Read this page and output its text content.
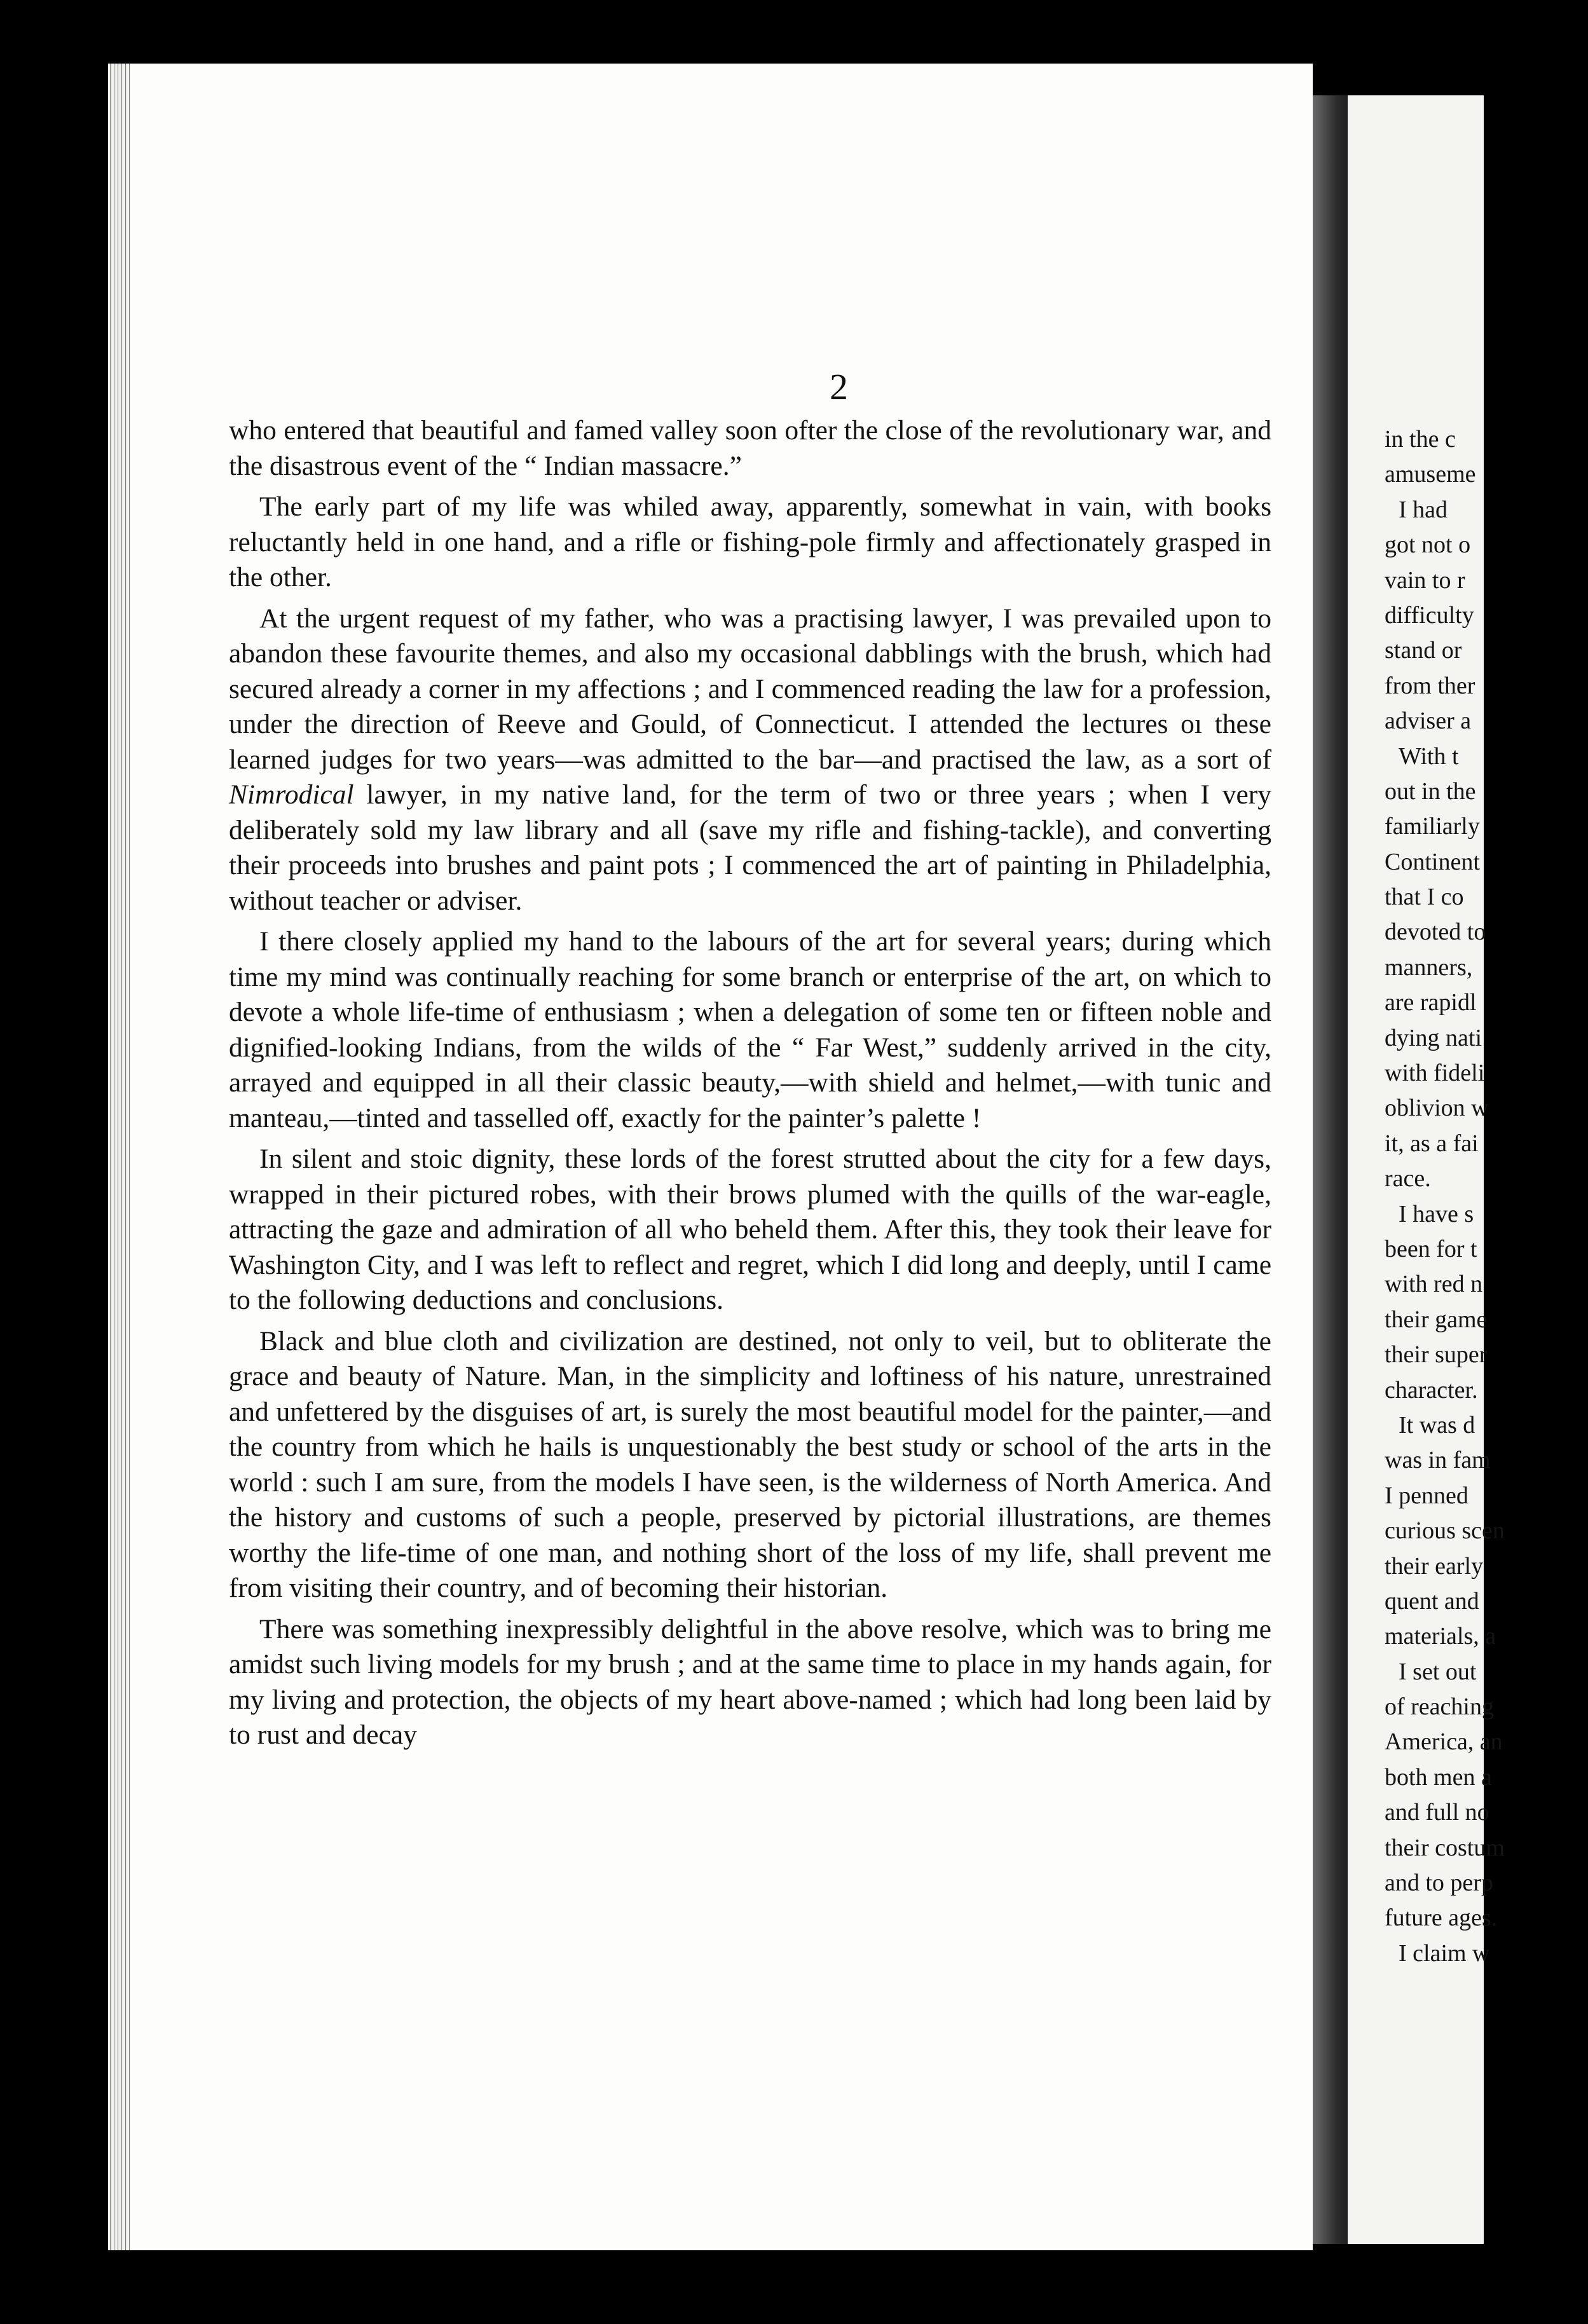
2

who entered that beautiful and famed valley soon ofter the close of the revolutionary war, and the disastrous event of the “ Indian massacre.”

The early part of my life was whiled away, apparently, somewhat in vain, with books reluctantly held in one hand, and a rifle or fishing-pole firmly and affectionately grasped in the other.

At the urgent request of my father, who was a practising lawyer, I was prevailed upon to abandon these favourite themes, and also my occasional dabblings with the brush, which had secured already a corner in my affections ; and I commenced reading the law for a profession, under the direction of Reeve and Gould, of Connecticut. I attended the lectures oı these learned judges for two years—was admitted to the bar—and practised the law, as a sort of Nimrodical lawyer, in my native land, for the term of two or three years ; when I very deliberately sold my law library and all (save my rifle and fishing-tackle), and converting their proceeds into brushes and paint pots ; I commenced the art of painting in Philadelphia, without teacher or adviser.

I there closely applied my hand to the labours of the art for several years; during which time my mind was continually reaching for some branch or enterprise of the art, on which to devote a whole life-time of enthusiasm ; when a delegation of some ten or fifteen noble and dignified-looking Indians, from the wilds of the “ Far West,” suddenly arrived in the city, arrayed and equipped in all their classic beauty,—with shield and helmet,—with tunic and manteau,—tinted and tasselled off, exactly for the painter’s palette !

In silent and stoic dignity, these lords of the forest strutted about the city for a few days, wrapped in their pictured robes, with their brows plumed with the quills of the war-eagle, attracting the gaze and admiration of all who beheld them. After this, they took their leave for Washington City, and I was left to reflect and regret, which I did long and deeply, until I came to the following deductions and conclusions.

Black and blue cloth and civilization are destined, not only to veil, but to obliterate the grace and beauty of Nature. Man, in the simplicity and loftiness of his nature, unrestrained and unfettered by the disguises of art, is surely the most beautiful model for the painter,—and the country from which he hails is unquestionably the best study or school of the arts in the world : such I am sure, from the models I have seen, is the wilderness of North America. And the history and customs of such a people, preserved by pictorial illustrations, are themes worthy the life-time of one man, and nothing short of the loss of my life, shall prevent me from visiting their country, and of becoming their historian.

There was something inexpressibly delightful in the above resolve, which was to bring me amidst such living models for my brush ; and at the same time to place in my hands again, for my living and protection, the objects of my heart above-named ; which had long been laid by to rust and decay

in the c
amuseme
I had
got not o
vain to r
difficulty
stand or
from ther
adviser a
With t
out in the
familiarly
Continent
that I co
devoted to
manners,
are rapidl
dying nati
with fideli
oblivion w
it, as a fai
race.
I have s
been for t
with red n
their game
their super
character.
It was d
was in fam
I penned
curious scen
their early
quent and
materials, a
I set out
of reaching
America, an
both men a
and full no
their costum
and to perp
future ages.
I claim w
